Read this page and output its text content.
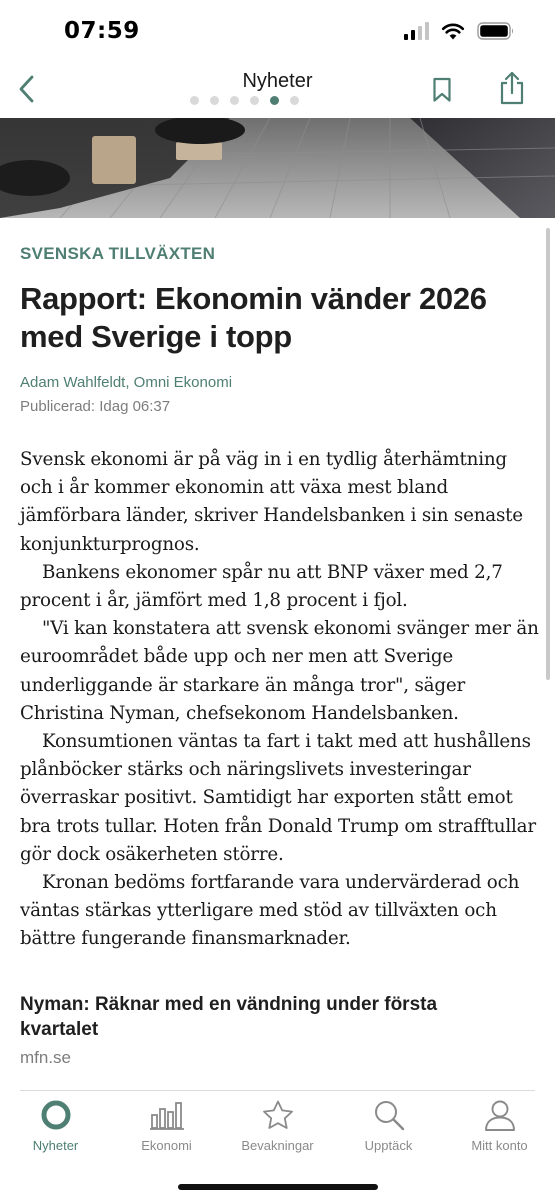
07:59
Nyheter
SVENSKA TILLVÄXTEN
Rapport: Ekonomin vänder 2026 med Sverige i topp
Adam Wahlfeldt, Omni Ekonomi
Publicerad: Idag 06:37

Svensk ekonomi är på väg in i en tydlig återhämtning och i år kommer ekonomin att växa mest bland jämförbara länder, skriver Handelsbanken i sin senaste konjunkturprognos.

Bankens ekonomer spår nu att BNP växer med 2,7 procent i år, jämfört med 1,8 procent i fjol.

"Vi kan konstatera att svensk ekonomi svänger mer än euroområdet både upp och ner men att Sverige underliggande är starkare än många tror", säger Christina Nyman, chefsekonom Handelsbanken.

Konsumtionen väntas ta fart i takt med att hushållens plånböcker stärks och näringslivets investeringar överraskar positivt. Samtidigt har exporten stått emot bra trots tullar. Hoten från Donald Trump om strafftullar gör dock osäkerheten större.

Kronan bedöms fortfarande vara undervärderad och väntas stärkas ytterligare med stöd av tillväxten och bättre fungerande finansmarknader.

Nyman: Räknar med en vändning under första kvartalet
mfn.se
Nyheter	Ekonomi	Bevakningar	Upptäck	Mitt konto
